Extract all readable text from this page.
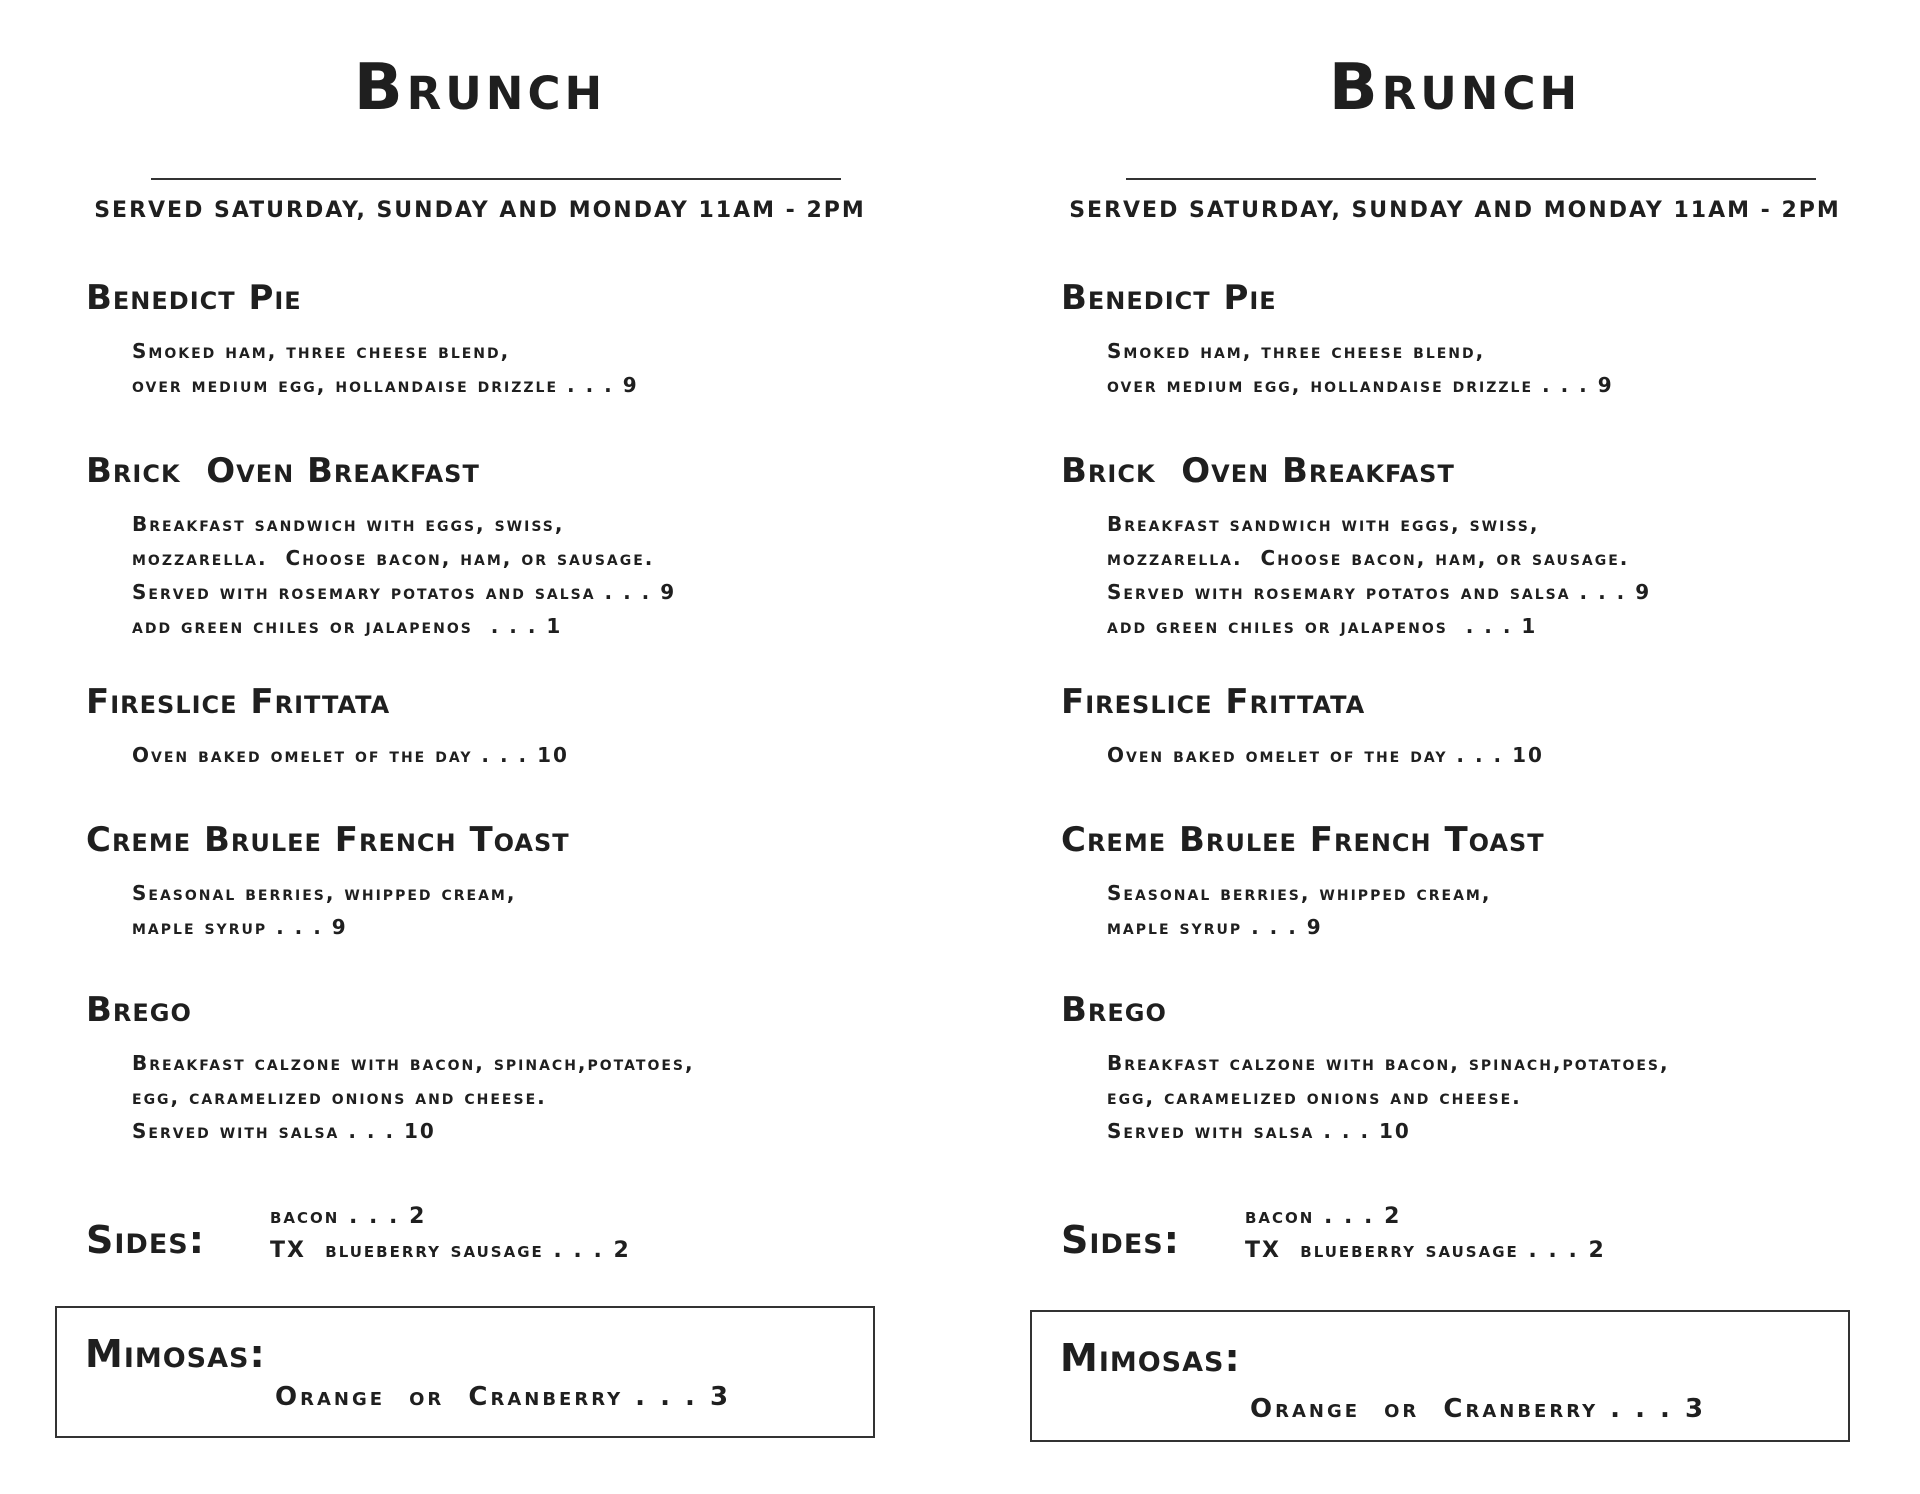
Brunch
SERVED SATURDAY, SUNDAY AND MONDAY 11AM - 2PM
Benedict Pie
Smoked ham, three cheese blend,
over medium egg, hollandaise drizzle . . . 9
Brick  Oven Breakfast
Breakfast sandwich with eggs, swiss,
mozzarella.  Choose bacon, ham, or sausage.
Served with rosemary potatos and salsa . . . 9
add green chiles or jalapenos  . . . 1
Fireslice Frittata
Oven baked omelet of the day . . . 10
Creme Brulee French Toast
Seasonal berries, whipped cream,
maple syrup . . . 9
Brego
Breakfast calzone with bacon, spinach,potatoes,
egg, caramelized onions and cheese.
Served with salsa . . . 10
Sides:
bacon . . . 2
TX  blueberry sausage . . . 2
Mimosas:
Orange  or  Cranberry . . . 3
Brunch
SERVED SATURDAY, SUNDAY AND MONDAY 11AM - 2PM
Benedict Pie
Smoked ham, three cheese blend,
over medium egg, hollandaise drizzle . . . 9
Brick  Oven Breakfast
Breakfast sandwich with eggs, swiss,
mozzarella.  Choose bacon, ham, or sausage.
Served with rosemary potatos and salsa . . . 9
add green chiles or jalapenos  . . . 1
Fireslice Frittata
Oven baked omelet of the day . . . 10
Creme Brulee French Toast
Seasonal berries, whipped cream,
maple syrup . . . 9
Brego
Breakfast calzone with bacon, spinach,potatoes,
egg, caramelized onions and cheese.
Served with salsa . . . 10
Sides:
bacon . . . 2
TX  blueberry sausage . . . 2
Mimosas:
Orange  or  Cranberry . . . 3
